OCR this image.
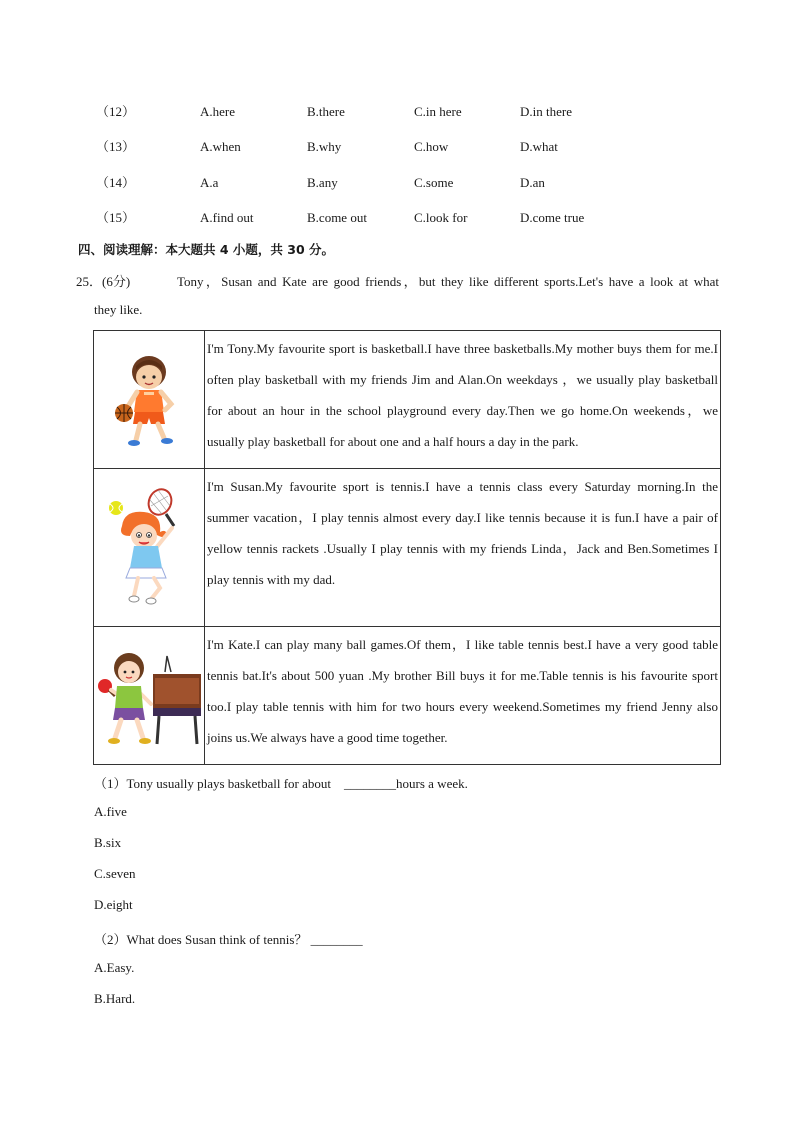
（12）	A.here	B.there	C.in here	D.in there
（13）	A.when	B.why	C.how	D.what
（14）	A.a	B.any	C.some	D.an
（15）	A.find out	B.come out	C.look for	D.come true
四、阅读理解：本大题共 4 小题，共 30 分。
25．(6分)	Tony，Susan and Kate are good friends，but they like different sports.Let's have a look at what
they like.
	I'm Tony.My favourite sport is basketball.I have three basketballs.My mother buys them for me.I often play basketball with my friends Jim and Alan.On weekdays ，we usually play basketball for about an hour in the school playground every day.Then we go home.On weekends，we usually play basketball for about one and a half hours a day in the park.

	I'm Susan.My favourite sport is tennis.I have a tennis class every Saturday morning.In the summer vacation，I play tennis almost every day.I like tennis because it is fun.I have a pair of yellow tennis rackets .Usually I play tennis with my friends Linda，Jack and Ben.Sometimes I play tennis with my dad.

	I'm Kate.I can play many ball games.Of them，I like table tennis best.I have a very good table tennis bat.It's about 500 yuan .My brother Bill buys it for me.Table tennis is his favourite sport too.I play table tennis with him for two hours every weekend.Sometimes my friend Jenny also joins us.We always have a good time together.
（1）Tony usually plays basketball for about　________hours a week.
A.five
B.six
C.seven
D.eight
（2）What does Susan think of tennis？ ________
A.Easy.
B.Hard.
